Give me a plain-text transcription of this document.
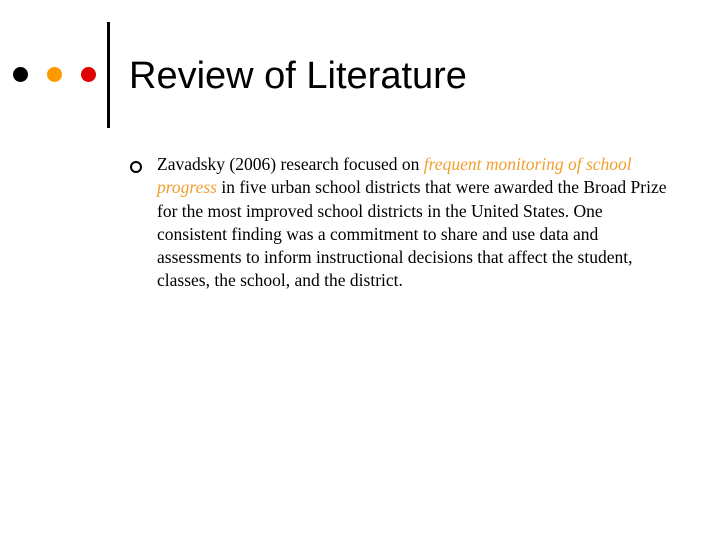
Review of Literature
Zavadsky (2006) research focused on frequent monitoring of school progress in five urban school districts that were awarded the Broad Prize for the most improved school districts in the United States. One consistent finding was a commitment to share and use data and assessments to inform instructional decisions that affect the student, classes, the school, and the district.
